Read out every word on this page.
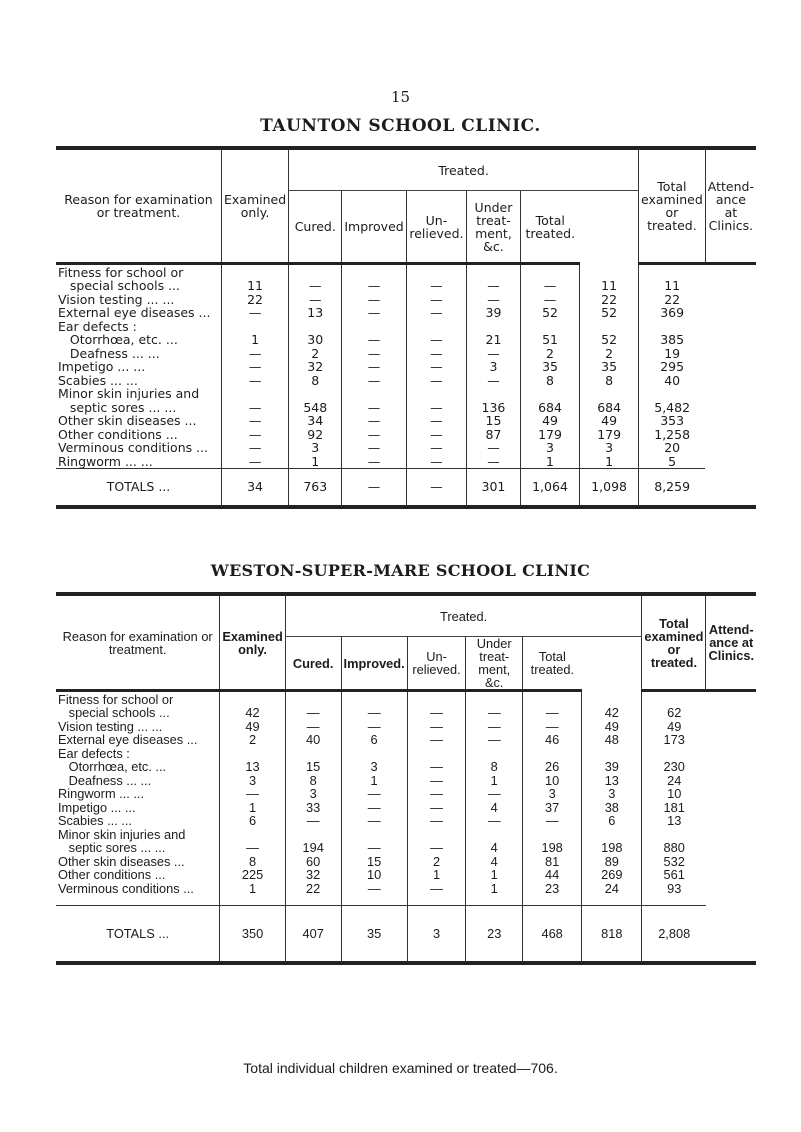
15
TAUNTON SCHOOL CLINIC.
Reason for examination or treatment.	Examined only.	Treated.						Total examined or treated.	Attend-ance at Clinics.
		Cured.	Improved	Un-relieved.	Under treat-ment, &c.	Total treated.			
Fitness for school or									
special schools ...	11	—	—	—	—	—	11	11	
Vision testing ... ...	22	—	—	—	—	—	22	22	
External eye diseases ...	—	13	—	—	39	52	52	369	
Ear defects :									
Otorrhœa, etc. ...	1	30	—	—	21	51	52	385	
Deafness ... ...	—	2	—	—	—	2	2	19	
Impetigo ... ...	—	32	—	—	3	35	35	295	
Scabies ... ...	—	8	—	—	—	8	8	40	
Minor skin injuries and									
septic sores ... ...	—	548	—	—	136	684	684	5,482	
Other skin diseases ...	—	34	—	—	15	49	49	353	
Other conditions ...	—	92	—	—	87	179	179	1,258	
Verminous conditions ...	—	3	—	—	—	3	3	20	
Ringworm ... ...	—	1	—	—	—	1	1	5	
TOTALS ...	34	763	—	—	301	1,064	1,098	8,259	
WESTON-SUPER-MARE SCHOOL CLINIC
Reason for examination or treatment.	Examined only.	Treated.						Total examined or treated.	Attend-ance at Clinics.
		Cured.	Improved.	Un-relieved.	Under treat-ment, &c.	Total treated.			
Fitness for school or									
special schools ...	42	—	—	—	—	—	42	62	
Vision testing ... ...	49	—	—	—	—	—	49	49	
External eye diseases ...	2	40	6	—	—	46	48	173	
Ear defects :									
Otorrhœa, etc. ...	13	15	3	—	8	26	39	230	
Deafness ... ...	3	8	1	—	1	10	13	24	
Ringworm ... ...	—	3	—	—	—	3	3	10	
Impetigo ... ...	1	33	—	—	4	37	38	181	
Scabies ... ...	6	—	—	—	—	—	6	13	
Minor skin injuries and									
septic sores ... ...	—	194	—	—	4	198	198	880	
Other skin diseases ...	8	60	15	2	4	81	89	532	
Other conditions ...	225	32	10	1	1	44	269	561	
Verminous conditions ...	1	22	—	—	1	23	24	93	

TOTALS ...	350	407	35	3	23	468	818	2,808	
Total individual children examined or treated—706.
